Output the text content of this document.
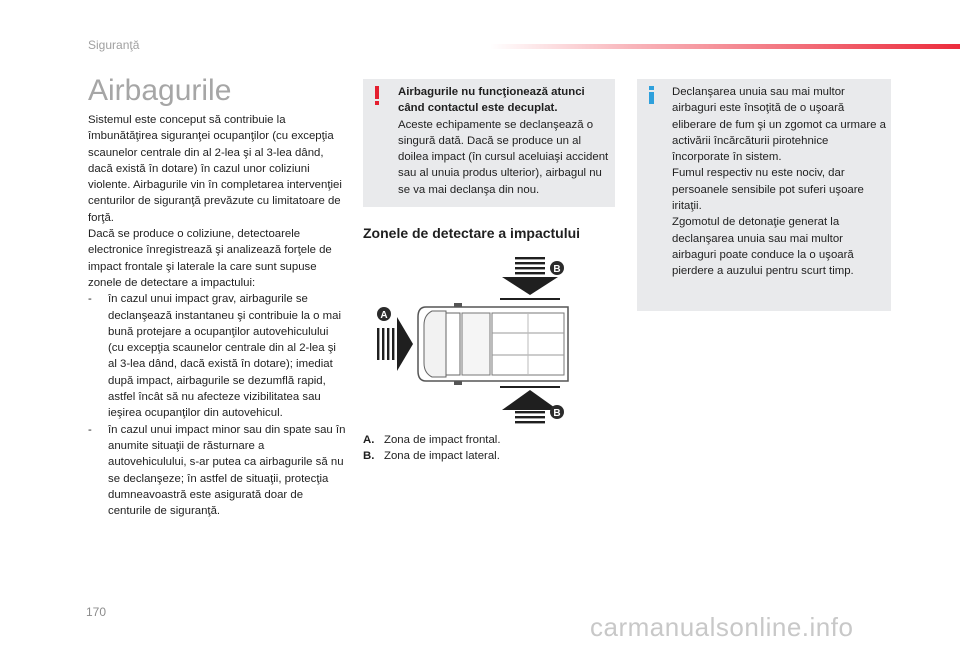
Siguranţă
Airbagurile

Sistemul este conceput să contribuie la îmbunătăţirea siguranţei ocupanţilor (cu excepţia scaunelor centrale din al 2-lea şi al 3-lea dând, dacă există în dotare) în cazul unor coliziuni violente. Airbagurile vin în completarea intervenţiei centurilor de siguranţă prevăzute cu limitatoare de forţă.

Dacă se produce o coliziune, detectoarele electronice înregistrează şi analizează forţele de impact frontale şi laterale la care sunt supuse zonele de detectare a impactului:

-	în cazul unui impact grav, airbagurile se declanşează instantaneu şi contribuie la o mai bună protejare a ocupanţilor autovehiculului (cu excepţia scaunelor centrale din al 2-lea şi al 3-lea dând, dacă există în dotare); imediat după impact, airbagurile se dezumflă rapid, astfel încât să nu afecteze vizibilitatea sau ieşirea ocupanţilor din autovehicul.
-	în cazul unui impact minor sau din spate sau în anumite situaţii de răsturnare a autovehiculului, s-ar putea ca airbagurile să nu se declanşeze; în astfel de situaţii, protecţia dumneavoastră este asigurată doar de centurile de siguranţă.
Airbagurile nu funcţionează atunci când contactul este decuplat.
Aceste echipamente se declanşează o singură dată. Dacă se produce un al doilea impact (în cursul aceluiaşi accident sau al unuia produs ulterior), airbagul nu se va mai declanşa din nou.
Zonele de detectare a impactului
B
A
B
A. Zona de impact frontal.
B. Zona de impact lateral.
Declanşarea unuia sau mai multor airbaguri este însoţită de o uşoară eliberare de fum şi un zgomot ca urmare a activării încărcăturii pirotehnice încorporate în sistem.
Fumul respectiv nu este nociv, dar persoanele sensibile pot suferi uşoare iritaţii.
Zgomotul de detonaţie generat la declanşarea unuia sau mai multor airbaguri poate conduce la o uşoară pierdere a auzului pentru scurt timp.
170	carmanualsonline.info
